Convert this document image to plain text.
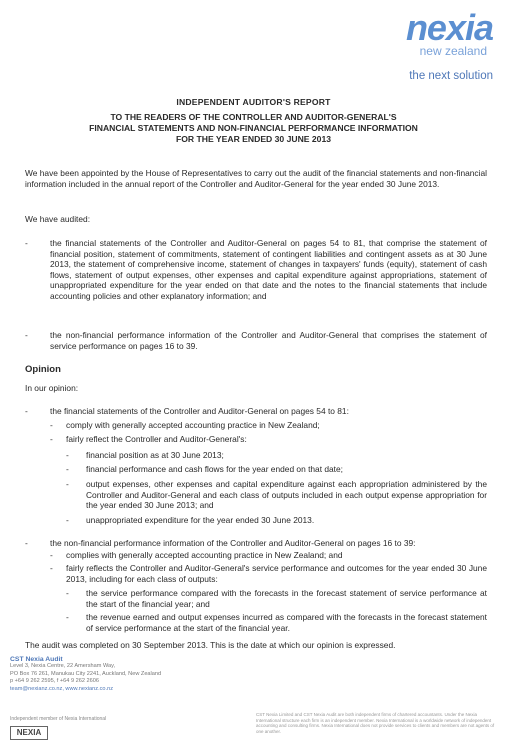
nexia
new zealand
the next solution
INDEPENDENT AUDITOR'S REPORT
TO THE READERS OF THE CONTROLLER AND AUDITOR-GENERAL'S
FINANCIAL STATEMENTS AND NON-FINANCIAL PERFORMANCE INFORMATION
FOR THE YEAR ENDED 30 JUNE 2013
We have been appointed by the House of Representatives to carry out the audit of the financial statements and non-financial information included in the annual report of the Controller and Auditor-General for the year ended 30 June 2013.
We have audited:
-	the financial statements of the Controller and Auditor-General on pages 54 to 81, that comprise the statement of financial position, statement of commitments, statement of contingent liabilities and contingent assets as at 30 June 2013, the statement of comprehensive income, statement of changes in taxpayers' funds (equity), statement of cash flows, statement of output expenses, other expenses and capital expenditure against appropriations, statement of unappropriated expenditure for the year ended on that date and the notes to the financial statements that include accounting policies and other explanatory information; and
-	the non-financial performance information of the Controller and Auditor-General that comprises the statement of service performance on pages 16 to 39.
Opinion
In our opinion:
-	the financial statements of the Controller and Auditor-General on pages 54 to 81:
- comply with generally accepted accounting practice in New Zealand;
- fairly reflect the Controller and Auditor-General's:
- financial position as at 30 June 2013;
- financial performance and cash flows for the year ended on that date;
- output expenses, other expenses and capital expenditure against each appropriation administered by the Controller and Auditor-General and each class of outputs included in each output expense appropriation for the year ended 30 June 2013; and
- unappropriated expenditure for the year ended 30 June 2013.
-	the non-financial performance information of the Controller and Auditor-General on pages 16 to 39:
- complies with generally accepted accounting practice in New Zealand; and
- fairly reflects the Controller and Auditor-General's service performance and outcomes for the year ended 30 June 2013, including for each class of outputs:
- the service performance compared with the forecasts in the forecast statement of service performance at the start of the financial year; and
- the revenue earned and output expenses incurred as compared with the forecasts in the forecast statement of service performance at the start of the financial year.
The audit was completed on 30 September 2013. This is the date at which our opinion is expressed.
CST Nexia Audit
Level 3, Nexia Centre, 22 Amersham Way,
PO Box 76 261, Manukau City 2241, Auckland, New Zealand
p +64 9 262 2595, f +64 9 262 2606
team@nexianz.co.nz, www.nexianz.co.nz
Independent member of Nexia International
NEXIA
CST Nexia Limited and CST Nexia Audit are both independent firms of chartered accountants. Under the Nexia International structure each firm is an independent member. Nexia International is a worldwide network of independent accounting and consulting firms. Nexia International does not provide services to clients and members are not agents of one another.
